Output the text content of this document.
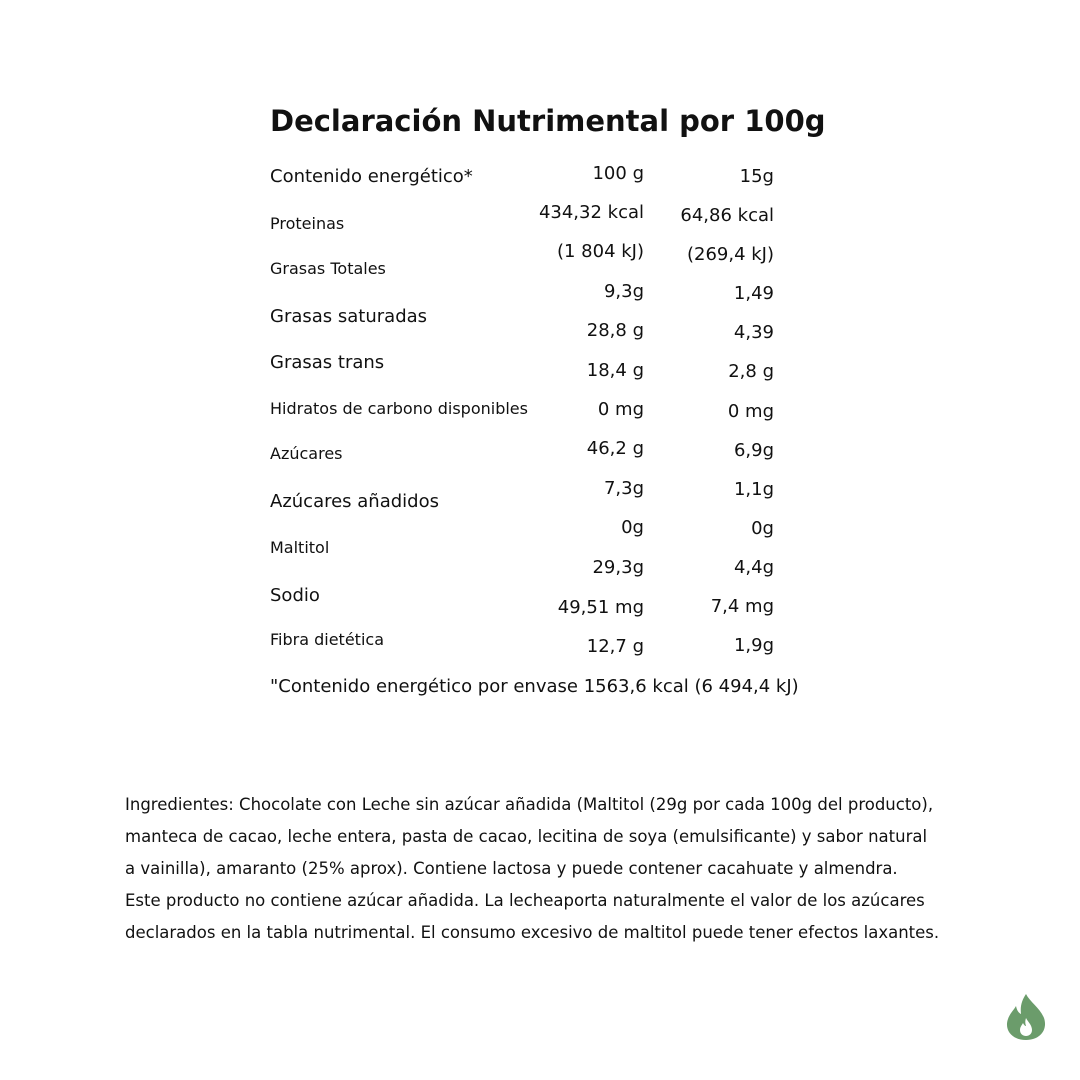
Declaración Nutrimental por 100g
Contenido energético*
Proteinas
Grasas Totales
Grasas saturadas
Grasas trans
Hidratos de carbono disponibles
Azúcares
Azúcares añadidos
Maltitol
Sodio
Fibra dietética
100 g
434,32 kcal
(1 804 kJ)
9,3g
28,8 g
18,4 g
0 mg
46,2 g
7,3g
0g
29,3g
49,51 mg
12,7 g
15g
64,86 kcal
(269,4 kJ)
1,49
4,39
2,8 g
0 mg
6,9g
1,1g
0g
4,4g
7,4 mg
1,9g
"Contenido energético por envase 1563,6 kcal (6 494,4 kJ)

Ingredientes: Chocolate con Leche sin azúcar añadida (Maltitol (29g por cada 100g del producto),

manteca de cacao, leche entera, pasta de cacao, lecitina de soya (emulsificante) y sabor natural

a vainilla), amaranto (25% aprox). Contiene lactosa y puede contener cacahuate y almendra.

Este producto no contiene azúcar añadida. La lecheaporta naturalmente el valor de los azúcares

declarados en la tabla nutrimental. El consumo excesivo de maltitol puede tener efectos laxantes.
